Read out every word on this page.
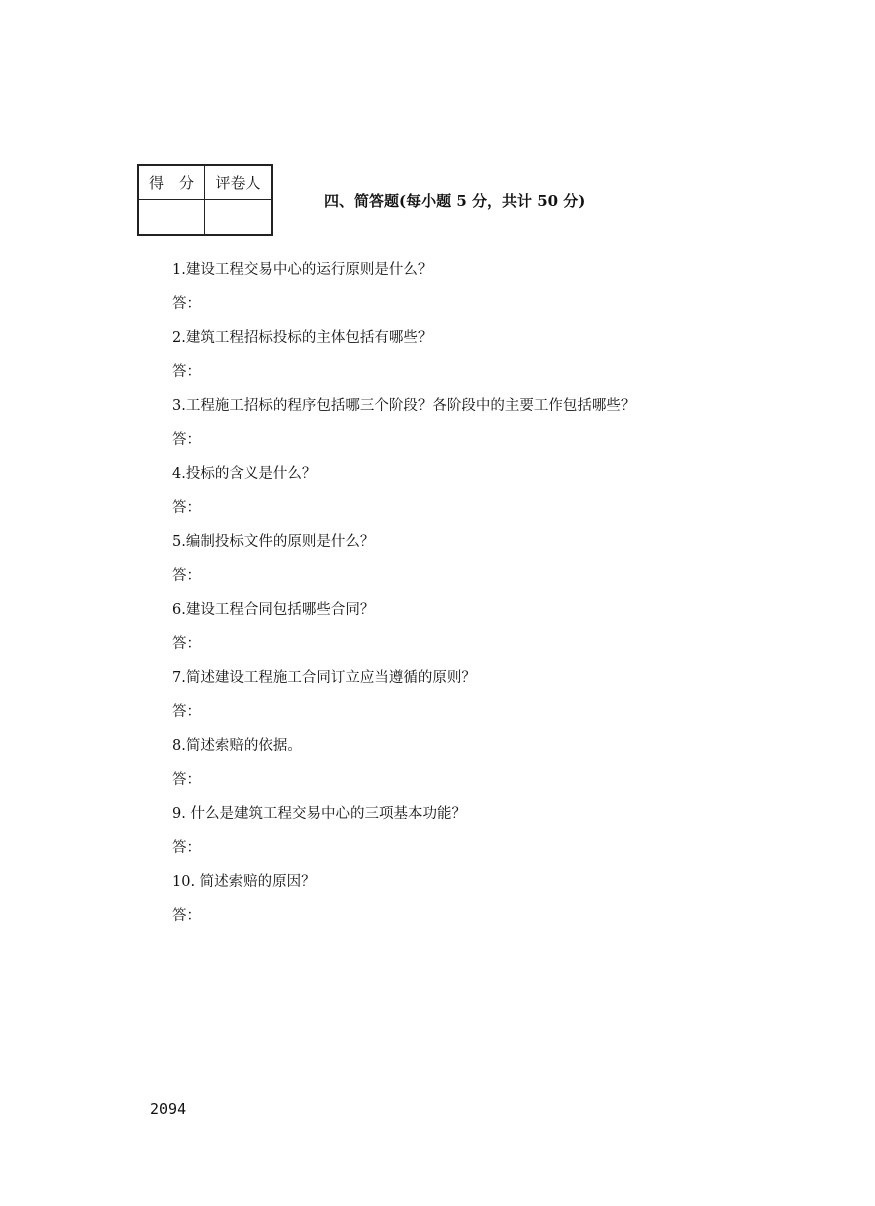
得　分	评卷人

四、简答题(每小题 5 分，共计 50 分)
1.建设工程交易中心的运行原则是什么？
答：
2.建筑工程招标投标的主体包括有哪些？
答：
3.工程施工招标的程序包括哪三个阶段？各阶段中的主要工作包括哪些？
答：
4.投标的含义是什么？
答：
5.编制投标文件的原则是什么？
答：
6.建设工程合同包括哪些合同？
答：
7.简述建设工程施工合同订立应当遵循的原则？
答：
8.简述索赔的依据。
答：
9. 什么是建筑工程交易中心的三项基本功能？
答：
10. 简述索赔的原因？
答：
2094
